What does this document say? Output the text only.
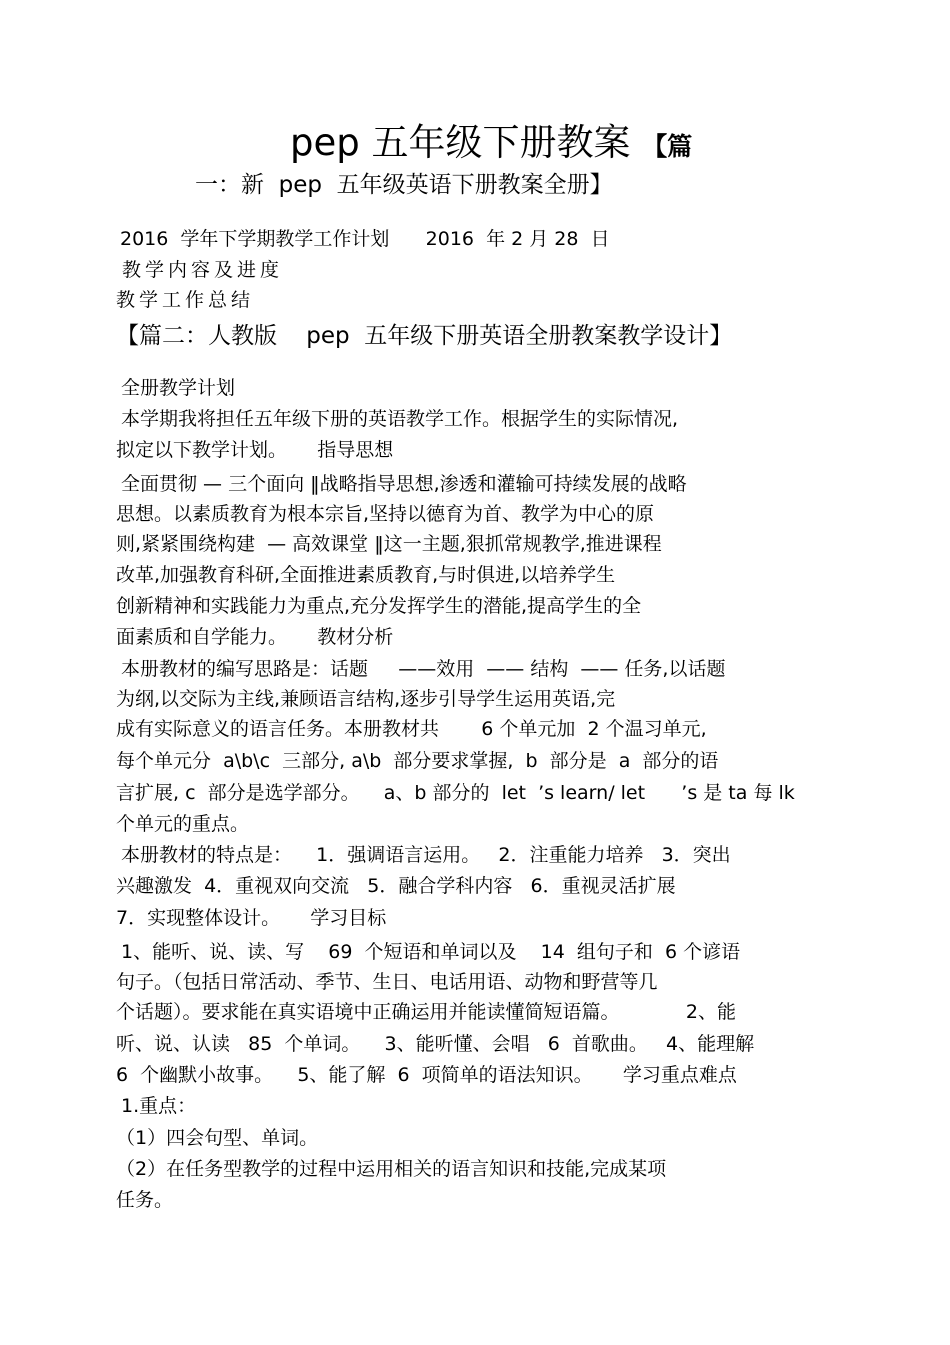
pep 五年级下册教案 【篇
一：新  pep  五年级英语下册教案全册】
2016  学年下学期教学工作计划      2016  年 2 月 28  日
教学内容及进度
教学工作总结
【篇二：人教版    pep  五年级下册英语全册教案教学设计】
全册教学计划
本学期我将担任五年级下册的英语教学工作。根据学生的实际情况,
拟定以下教学计划。     指导思想
全面贯彻 — 三个面向 ‖战略指导思想,渗透和灌输可持续发展的战略
思想。以素质教育为根本宗旨,坚持以德育为首、教学为中心的原
则,紧紧围绕构建  — 高效课堂 ‖这一主题,狠抓常规教学,推进课程
改革,加强教育科研,全面推进素质教育,与时俱进,以培养学生
创新精神和实践能力为重点,充分发挥学生的潜能,提高学生的全
面素质和自学能力。     教材分析
本册教材的编写思路是：话题     ——效用  —— 结构  —— 任务,以话题
为纲,以交际为主线,兼顾语言结构,逐步引导学生运用英语,完
成有实际意义的语言任务。本册教材共       6 个单元加  2 个温习单元,
每个单元分  a\b\c  三部分, a\b  部分要求掌握,  b  部分是  a  部分的语
言扩展, c  部分是选学部分。    a、b 部分的  let  ’s learn/ let      ’s 是 ta 每 lk
个单元的重点。
本册教材的特点是：    1．强调语言运用。   2．注重能力培养   3．突出
兴趣激发  4．重视双向交流   5．融合学科内容   6．重视灵活扩展
7．实现整体设计。     学习目标
1、能听、说、读、写    69  个短语和单词以及    14  组句子和  6 个谚语
句子。（包括日常活动、季节、生日、电话用语、动物和野营等几
个话题）。要求能在真实语境中正确运用并能读懂简短语篇。           2、能
听、说、认读   85  个单词。    3、能听懂、会唱   6  首歌曲。   4、能理解
6  个幽默小故事。    5、能了解  6  项简单的语法知识。     学习重点难点
1.重点：
（1）四会句型、单词。
（2）在任务型教学的过程中运用相关的语言知识和技能,完成某项
任务。
